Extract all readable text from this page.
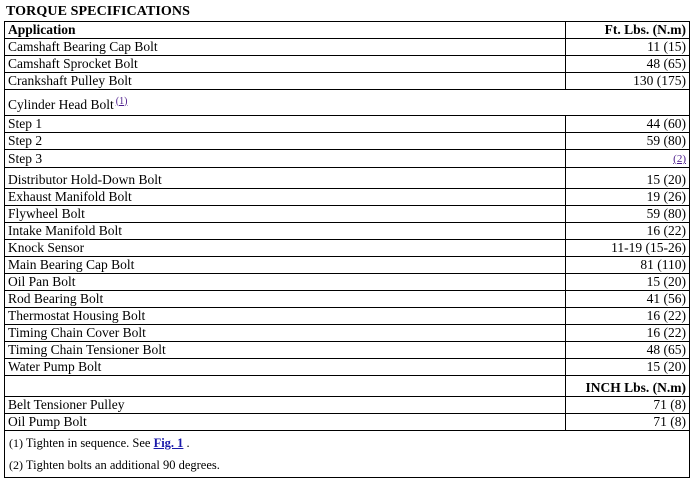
TORQUE SPECIFICATIONS
Application	Ft. Lbs. (N.m)
Camshaft Bearing Cap Bolt	11 (15)
Camshaft Sprocket Bolt	48 (65)
Crankshaft Pulley Bolt	130 (175)
Cylinder Head Bolt $^{(1)}$
Step 1	44 (60)
Step 2	59 (80)
Step 3	(2)
Distributor Hold-Down Bolt	15 (20)
Exhaust Manifold Bolt	19 (26)
Flywheel Bolt	59 (80)
Intake Manifold Bolt	16 (22)
Knock Sensor	11-19 (15-26)
Main Bearing Cap Bolt	81 (110)
Oil Pan Bolt	15 (20)
Rod Bearing Bolt	41 (56)
Thermostat Housing Bolt	16 (22)
Timing Chain Cover Bolt	16 (22)
Timing Chain Tensioner Bolt	48 (65)
Water Pump Bolt	15 (20)
	INCH Lbs. (N.m)
Belt Tensioner Pulley	71 (8)
Oil Pump Bolt	71 (8)

(1) Tighten in sequence. See Fig. 1 .
(2) Tighten bolts an additional 90 degrees.	
